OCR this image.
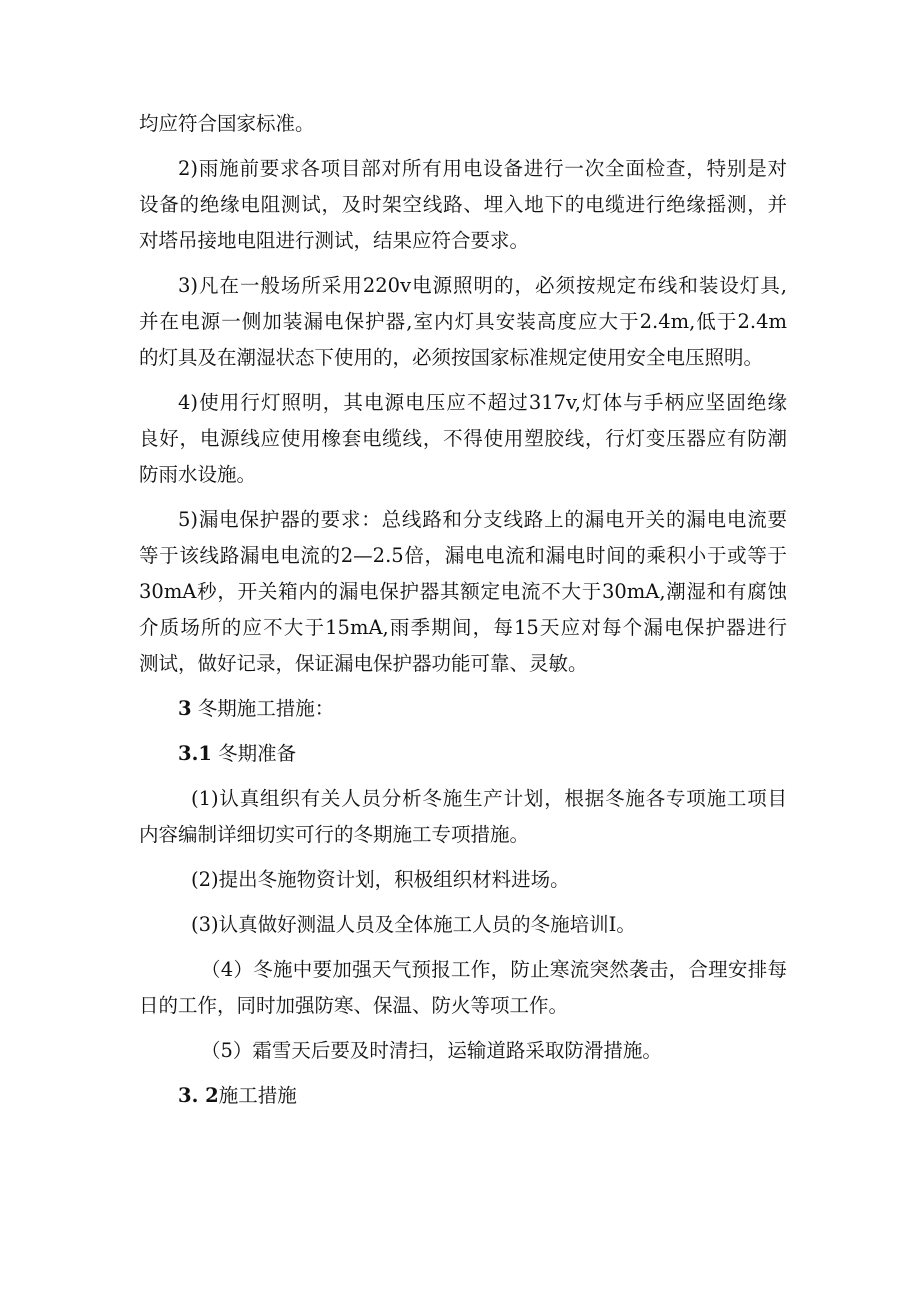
均应符合国家标准。
2)雨施前要求各项目部对所有用电设备进行一次全面检查，特别是对
设备的绝缘电阻测试，及时架空线路、埋入地下的电缆进行绝缘摇测，并
对塔吊接地电阻进行测试，结果应符合要求。
3)凡在一般场所采用220v电源照明的，必须按规定布线和装设灯具,
并在电源一侧加装漏电保护器,室内灯具安装高度应大于2.4m,低于2.4m
的灯具及在潮湿状态下使用的，必须按国家标准规定使用安全电压照明。
4)使用行灯照明，其电源电压应不超过317v,灯体与手柄应坚固绝缘
良好，电源线应使用橡套电缆线，不得使用塑胶线，行灯变压器应有防潮
防雨水设施。
5)漏电保护器的要求：总线路和分支线路上的漏电开关的漏电电流要
等于该线路漏电电流的2—2.5倍，漏电电流和漏电时间的乘积小于或等于
30mA秒，开关箱内的漏电保护器其额定电流不大于30mA,潮湿和有腐蚀
介质场所的应不大于15mA,雨季期间，每15天应对每个漏电保护器进行
测试，做好记录，保证漏电保护器功能可靠、灵敏。
3 冬期施工措施：
3.1 冬期准备
(1)认真组织有关人员分析冬施生产计划，根据冬施各专项施工项目
内容编制详细切实可行的冬期施工专项措施。
(2)提出冬施物资计划，积极组织材料进场。
(3)认真做好测温人员及全体施工人员的冬施培训I。
（4）冬施中要加强天气预报工作，防止寒流突然袭击，合理安排每
日的工作，同时加强防寒、保温、防火等项工作。
（5）霜雪天后要及时清扫，运输道路采取防滑措施。
3. 2施工措施
